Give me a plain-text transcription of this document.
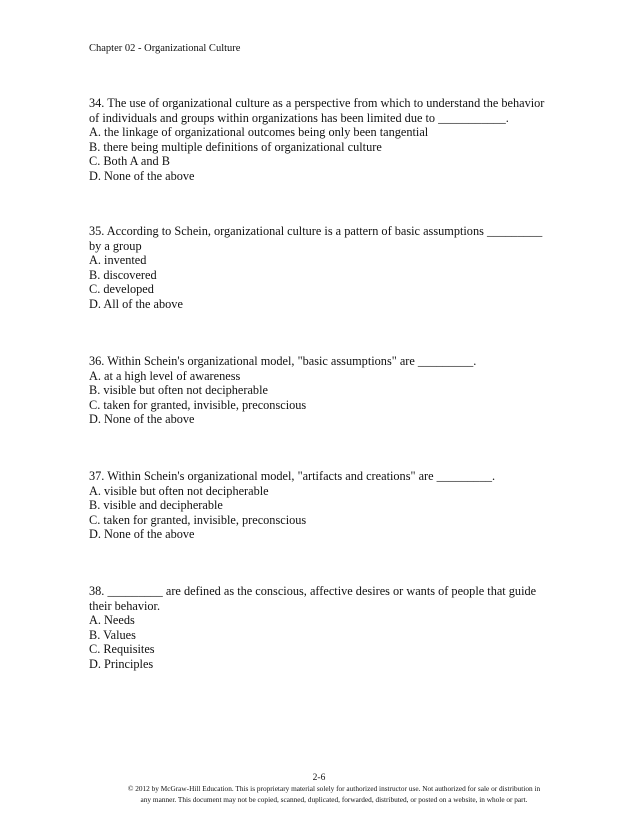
Chapter 02 - Organizational Culture
34. The use of organizational culture as a perspective from which to understand the behavior
of individuals and groups within organizations has been limited due to ___________.
A. the linkage of organizational outcomes being only been tangential
B. there being multiple definitions of organizational culture
C. Both A and B
D. None of the above
35. According to Schein, organizational culture is a pattern of basic assumptions _________
by a group
A. invented
B. discovered
C. developed
D. All of the above
36. Within Schein's organizational model, "basic assumptions" are _________.
A. at a high level of awareness
B. visible but often not decipherable
C. taken for granted, invisible, preconscious
D. None of the above
37. Within Schein's organizational model, "artifacts and creations" are _________.
A. visible but often not decipherable
B. visible and decipherable
C. taken for granted, invisible, preconscious
D. None of the above
38. _________ are defined as the conscious, affective desires or wants of people that guide
their behavior.
A. Needs
B. Values
C. Requisites
D. Principles
2-6
© 2012 by McGraw-Hill Education. This is proprietary material solely for authorized instructor use. Not authorized for sale or distribution in
any manner. This document may not be copied, scanned, duplicated, forwarded, distributed, or posted on a website, in whole or part.
